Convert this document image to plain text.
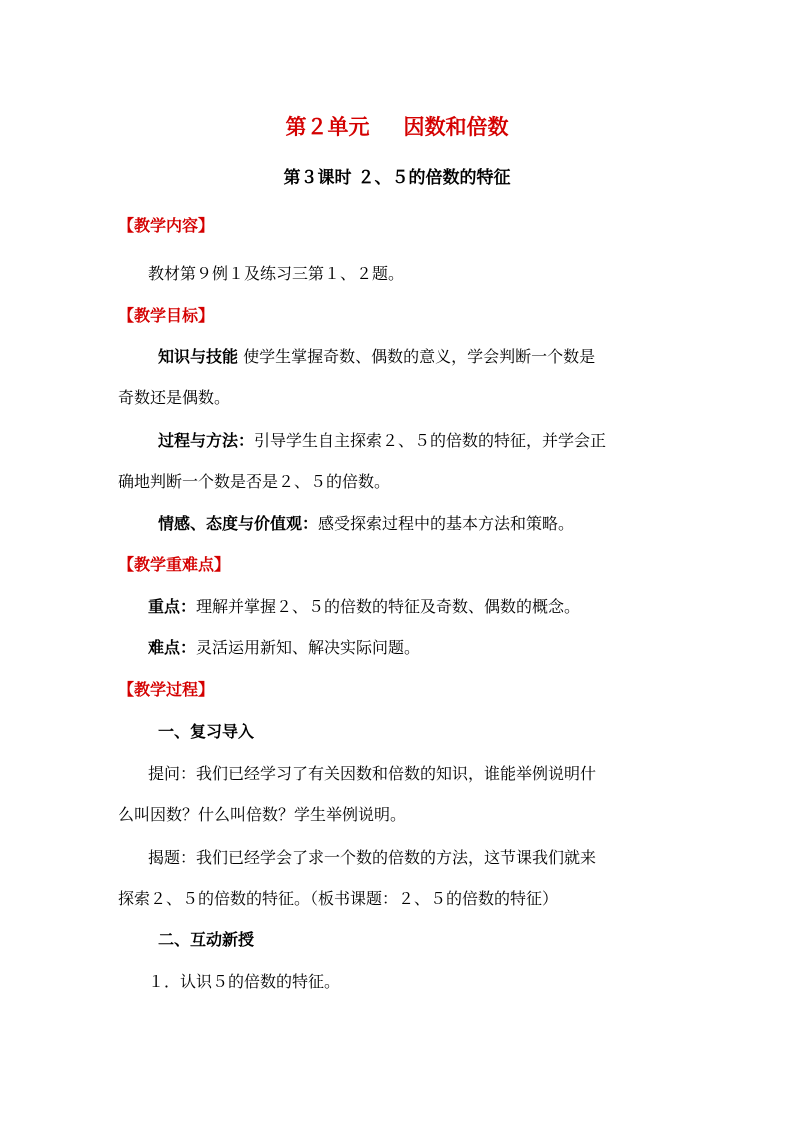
第２单元 因数和倍数
第３课时 ２、５的倍数的特征
【教学内容】
教材第９例１及练习三第１、２题。
【教学目标】
知识与技能 使学生掌握奇数、偶数的意义，学会判断一个数是
奇数还是偶数。
过程与方法：引导学生自主探索２、５的倍数的特征，并学会正
确地判断一个数是否是２、５的倍数。
情感、态度与价值观：感受探索过程中的基本方法和策略。
【教学重难点】
重点：理解并掌握２、５的倍数的特征及奇数、偶数的概念。
难点：灵活运用新知、解决实际问题。
【教学过程】
一、复习导入
提问：我们已经学习了有关因数和倍数的知识，谁能举例说明什
么叫因数？什么叫倍数？学生举例说明。
揭题：我们已经学会了求一个数的倍数的方法，这节课我们就来
探索２、５的倍数的特征。（板书课题：２、５的倍数的特征）
二、互动新授
１．认识５的倍数的特征。
